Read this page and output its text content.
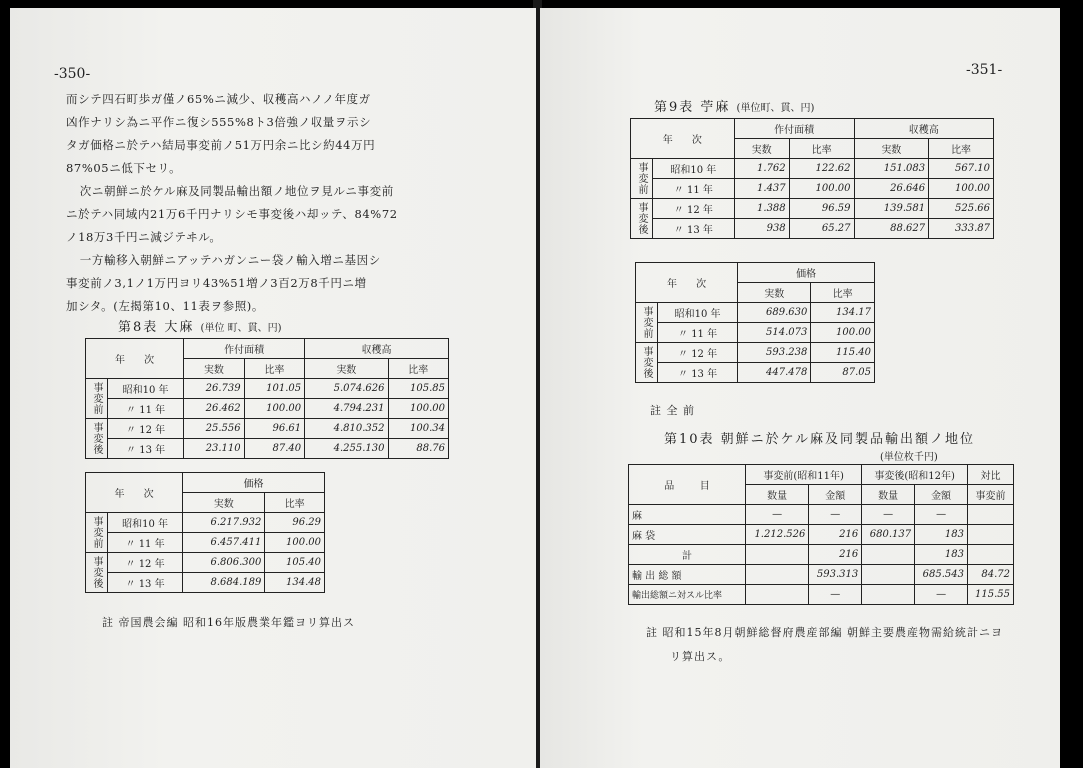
-350-

而シテ四石町歩ガ僅ノ65%ニ減少、収穫高ハノノ年度ガ

凶作ナリシ為ニ平作ニ復シ555%8ト3倍強ノ収量ヲ示シ

タガ価格ニ於テハ結局事変前ノ51万円余ニ比シ約44万円

87%05ニ低下セリ。

次ニ朝鮮ニ於ケル麻及同製品輸出額ノ地位ヲ見ルニ事変前

ニ於テハ同域内21万6千円ナリシモ事変後ハ却ッテ、84%72

ノ18万3千円ニ減ジテヰル。

一方輸移入朝鮮ニアッテハガンニー袋ノ輸入増ニ基因シ

事変前ノ3,1ノ1万円ヨリ43%51増ノ3百2万8千円ニ増

加シタ。(左揭第10、11表ヲ参照)。

第8表 大麻 (単位 町、貫、円)
年 次		作付面積		収穫高	
		実数	比率	実数	比率
事変前	昭和10 年	26.739	101.05	5.074.626	105.85
	〃 11 年	26.462	100.00	4.794.231	100.00
事変後	〃 12 年	25.556	96.61	4.810.352	100.34
	〃 13 年	23.110	87.40	4.255.130	88.76
年 次		価格	
		実数	比率
事変前	昭和10 年	6.217.932	96.29
	〃 11 年	6.457.411	100.00
事変後	〃 12 年	6.806.300	105.40
	〃 13 年	8.684.189	134.48
註 帝国農会編 昭和16年版農業年鑑ヨリ算出ス
-351-
第9表 苧麻 (単位町、貫、円)
年 次		作付面積		収穫高	
		実数	比率	実数	比率
事変前	昭和10 年	1.762	122.62	151.083	567.10
	〃 11 年	1.437	100.00	26.646	100.00
事変後	〃 12 年	1.388	96.59	139.581	525.66
	〃 13 年	938	65.27	88.627	333.87
年 次		価格	
		実数	比率
事変前	昭和10 年	689.630	134.17
	〃 11 年	514.073	100.00
事変後	〃 12 年	593.238	115.40
	〃 13 年	447.478	87.05
註 全 前
第10表 朝鮮ニ於ケル麻及同製品輸出額ノ地位
(単位枚千円)
品 目	事変前(昭和11年)		事変後(昭和12年)		対比
	数量	金額	数量	金額	事変前
麻	—	—	—	—	
麻 袋	1.212.526	216	680.137	183	
計		216		183	
輸 出 総 額		593.313		685.543	84.72
輸出総額ニ対スル比率		—		—	115.55
註 昭和15年8月朝鮮総督府農産部編 朝鮮主要農産物需給統計ニヨ
リ算出ス。
